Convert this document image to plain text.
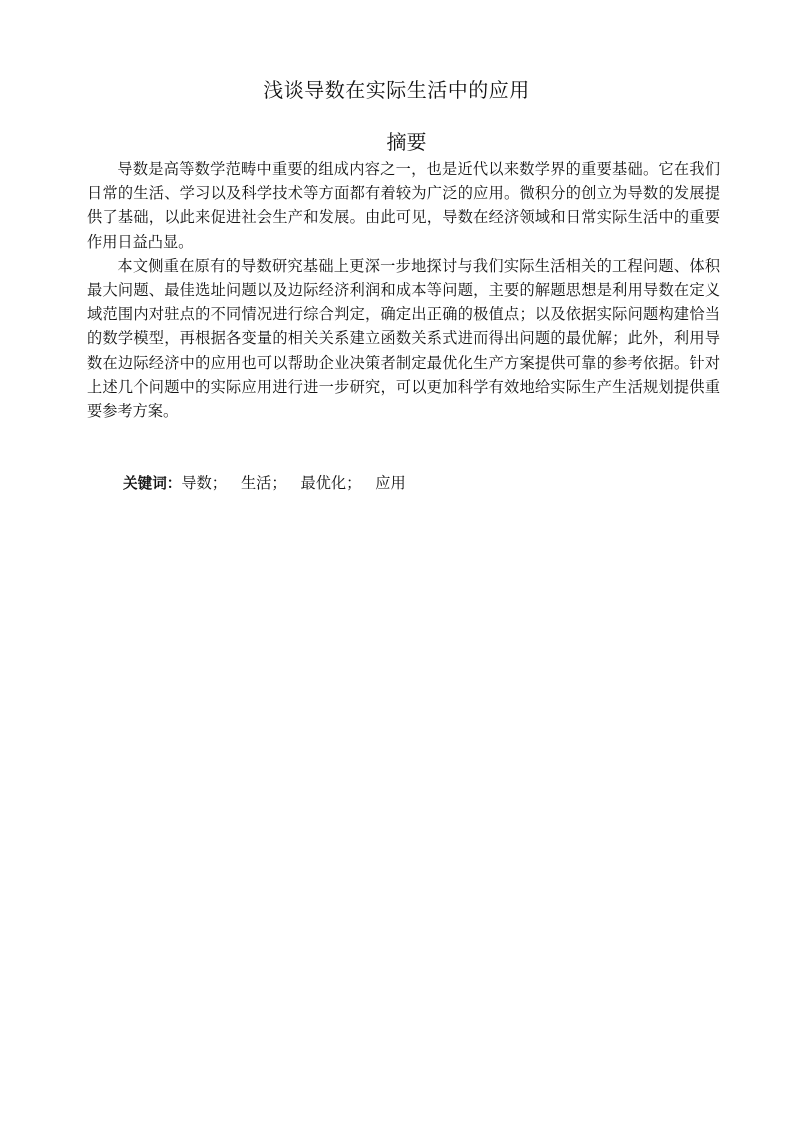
浅谈导数在实际生活中的应用
摘要

导数是高等数学范畴中重要的组成内容之一，也是近代以来数学界的重要基础。它在我们日常的生活、学习以及科学技术等方面都有着较为广泛的应用。微积分的创立为导数的发展提供了基础，以此来促进社会生产和发展。由此可见，导数在经济领域和日常实际生活中的重要作用日益凸显。

本文侧重在原有的导数研究基础上更深一步地探讨与我们实际生活相关的工程问题、体积最大问题、最佳选址问题以及边际经济利润和成本等问题，主要的解题思想是利用导数在定义域范围内对驻点的不同情况进行综合判定，确定出正确的极值点；以及依据实际问题构建恰当的数学模型，再根据各变量的相关关系建立函数关系式进而得出问题的最优解；此外，利用导数在边际经济中的应用也可以帮助企业决策者制定最优化生产方案提供可靠的参考依据。针对上述几个问题中的实际应用进行进一步研究，可以更加科学有效地给实际生产生活规划提供重要参考方案。

关键词：导数； 生活； 最优化； 应用
